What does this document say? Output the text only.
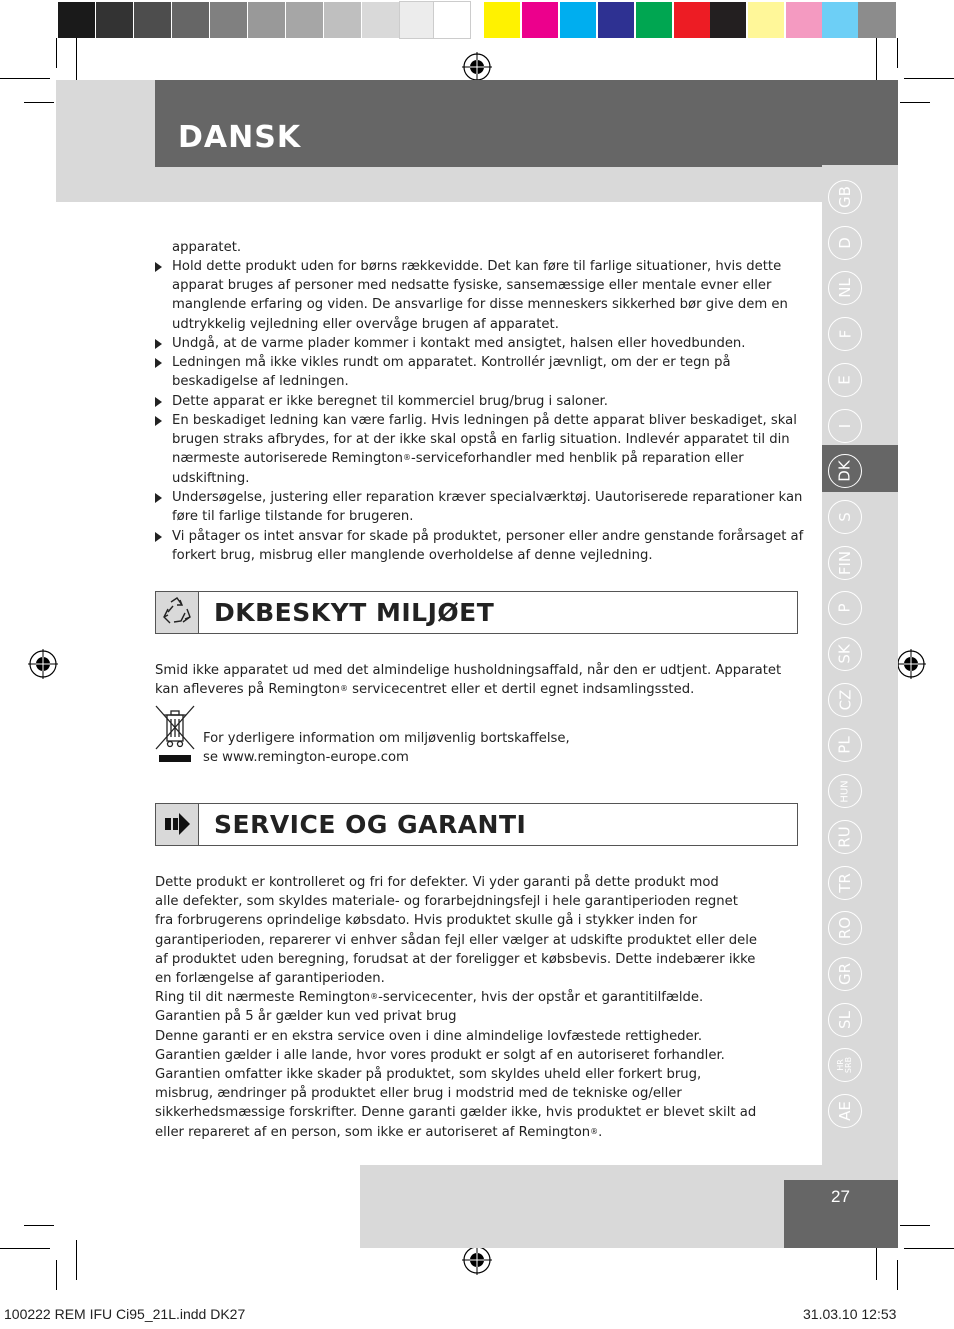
DANSK
GB
D
NL
F
E
I
DK
S
FIN
P
SK
CZ
PL
HUN
RU
TR
RO
GR
SL
HR
SRB
AE
apparatet.
Hold dette produkt uden for børns rækkevidde. Det kan føre til farlige situationer, hvis dette apparat bruges af personer med nedsatte fysiske, sansemæssige eller mentale evner eller manglende erfaring og viden. De ansvarlige for disse menneskers sikkerhed bør give dem en udtrykkelig vejledning eller overvåge brugen af apparatet.
Undgå, at de varme plader kommer i kontakt med ansigtet, halsen eller hovedbunden.
Ledningen må ikke vikles rundt om apparatet. Kontrollér jævnligt, om der er tegn på beskadigelse af ledningen.
Dette apparat er ikke beregnet til kommerciel brug/brug i saloner.
En beskadiget ledning kan være farlig. Hvis ledningen på dette apparat bliver beskadiget, skal brugen straks afbrydes, for at der ikke skal opstå en farlig situation. Indlevér apparatet til din nærmeste autoriserede Remington®-serviceforhandler med henblik på reparation eller udskiftning.
Undersøgelse, justering eller reparation kræver specialværktøj. Uautoriserede reparationer kan føre til farlige tilstande for brugeren.
Vi påtager os intet ansvar for skade på produktet, personer eller andre genstande forårsaget af forkert brug, misbrug eller manglende overholdelse af denne vejledning.
DKBESKYT MILJØET
Smid ikke apparatet ud med det almindelige husholdningsaffald, når den er udtjent. Apparatet
kan afleveres på Remington® servicecentret eller et dertil egnet indsamlingssted.
For yderligere information om miljøvenlig bortskaffelse,
se www.remington-europe.com
SERVICE OG GARANTI
Dette produkt er kontrolleret og fri for defekter. Vi yder garanti på dette produkt mod
alle defekter, som skyldes materiale- og forarbejdningsfejl i hele garantiperioden regnet
fra forbrugerens oprindelige købsdato. Hvis produktet skulle gå i stykker inden for
garantiperioden, reparerer vi enhver sådan fejl eller vælger at udskifte produktet eller dele
af produktet uden beregning, forudsat at der foreligger et købsbevis. Dette indebærer ikke
en forlængelse af garantiperioden.
Ring til dit nærmeste Remington®-servicecenter, hvis der opstår et garantitilfælde.
Garantien på 5 år gælder kun ved privat brug
Denne garanti er en ekstra service oven i dine almindelige lovfæstede rettigheder.
Garantien gælder i alle lande, hvor vores produkt er solgt af en autoriseret forhandler.
Garantien omfatter ikke skader på produktet, som skyldes uheld eller forkert brug,
misbrug, ændringer på produktet eller brug i modstrid med de tekniske og/eller
sikkerhedsmæssige forskrifter. Denne garanti gælder ikke, hvis produktet er blevet skilt ad
eller repareret af en person, som ikke er autoriseret af Remington®.
27
100222 REM IFU Ci95_21L.indd DK27	31.03.10 12:53
